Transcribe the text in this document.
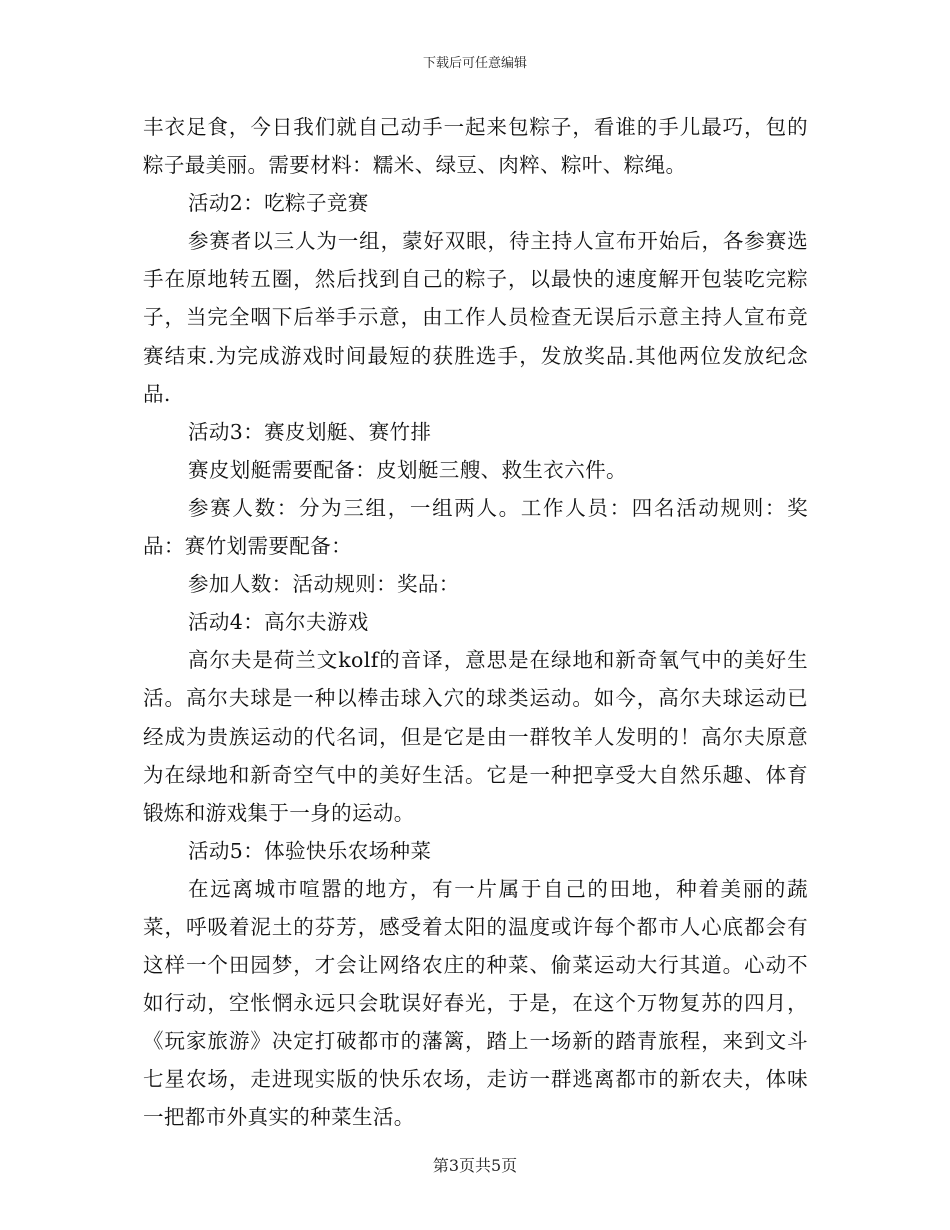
下载后可任意编辑

丰衣足食，今日我们就自己动手一起来包粽子，看谁的手儿最巧，包的粽子最美丽。需要材料：糯米、绿豆、肉粹、粽叶、粽绳。

活动2：吃粽子竞赛

参赛者以三人为一组，蒙好双眼，待主持人宣布开始后，各参赛选手在原地转五圈，然后找到自己的粽子，以最快的速度解开包装吃完粽子，当完全咽下后举手示意，由工作人员检查无误后示意主持人宣布竞赛结束.为完成游戏时间最短的获胜选手，发放奖品.其他两位发放纪念品.

活动3：赛皮划艇、赛竹排

赛皮划艇需要配备：皮划艇三艘、救生衣六件。

参赛人数：分为三组，一组两人。工作人员：四名活动规则：奖品：赛竹划需要配备：

参加人数：活动规则：奖品：

活动4：高尔夫游戏

高尔夫是荷兰文kolf的音译，意思是在绿地和新奇氧气中的美好生活。高尔夫球是一种以棒击球入穴的球类运动。如今，高尔夫球运动已经成为贵族运动的代名词，但是它是由一群牧羊人发明的！高尔夫原意为在绿地和新奇空气中的美好生活。它是一种把享受大自然乐趣、体育锻炼和游戏集于一身的运动。

活动5：体验快乐农场种菜

在远离城市喧嚣的地方，有一片属于自己的田地，种着美丽的蔬菜，呼吸着泥土的芬芳，感受着太阳的温度或许每个都市人心底都会有这样一个田园梦，才会让网络农庄的种菜、偷菜运动大行其道。心动不如行动，空怅惘永远只会耽误好春光，于是，在这个万物复苏的四月，《玩家旅游》决定打破都市的藩篱，踏上一场新的踏青旅程，来到文斗七星农场，走进现实版的快乐农场，走访一群逃离都市的新农夫，体味一把都市外真实的种菜生活。

第3页共5页
